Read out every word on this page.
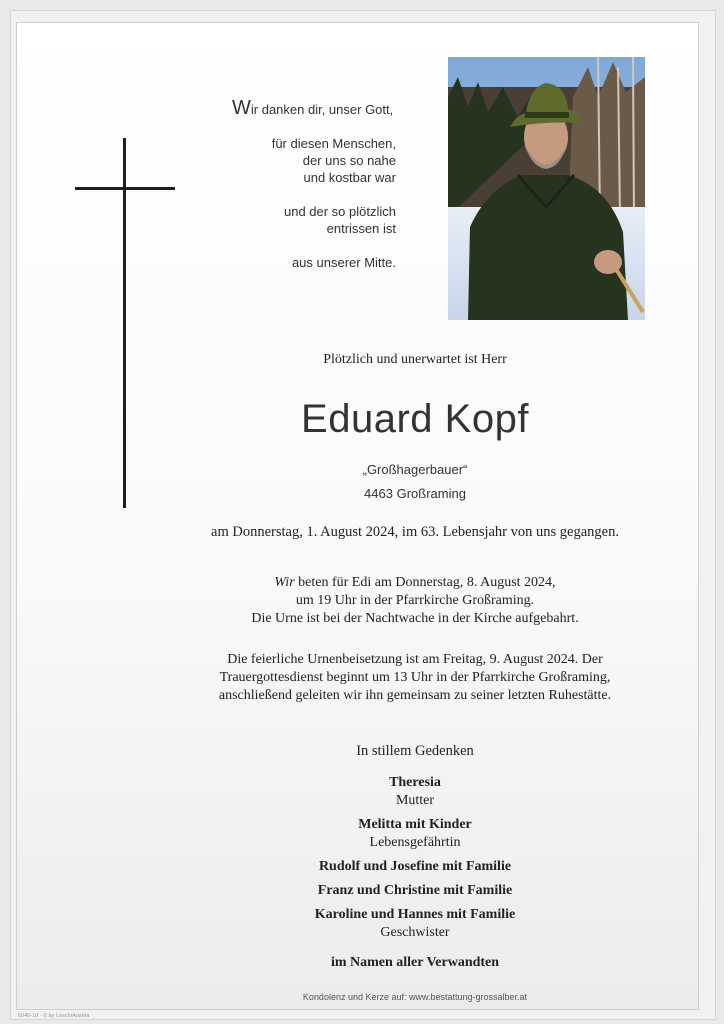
Wir danken dir, unser Gott,
für diesen Menschen,
der uns so nahe
und kostbar war
und der so plötzlich
entrissen ist
aus unserer Mitte.
Plötzlich und unerwartet ist Herr
Eduard Kopf
„Großhagerbauer“
4463 Großraming
am Donnerstag, 1. August 2024, im 63. Lebensjahr von uns gegangen.
Wir beten für Edi am Donnerstag, 8. August 2024,
um 19 Uhr in der Pfarrkirche Großraming.
Die Urne ist bei der Nachtwache in der Kirche aufgebahrt.
Die feierliche Urnenbeisetzung ist am Freitag, 9. August 2024. Der
Trauergottesdienst beginnt um 13 Uhr in der Pfarrkirche Großraming,
anschließend geleiten wir ihn gemeinsam zu seiner letzten Ruhestätte.
In stillem Gedenken
Theresia
Mutter
Melitta mit Kinder
Lebensgefährtin
Rudolf und Josefine mit Familie
Franz und Christine mit Familie
Karoline und Hannes mit Familie
Geschwister
im Namen aller Verwandten
Kondolenz und Kerze auf: www.bestattung-grossalber.at
5040-10 · © by Lösch/Austria
